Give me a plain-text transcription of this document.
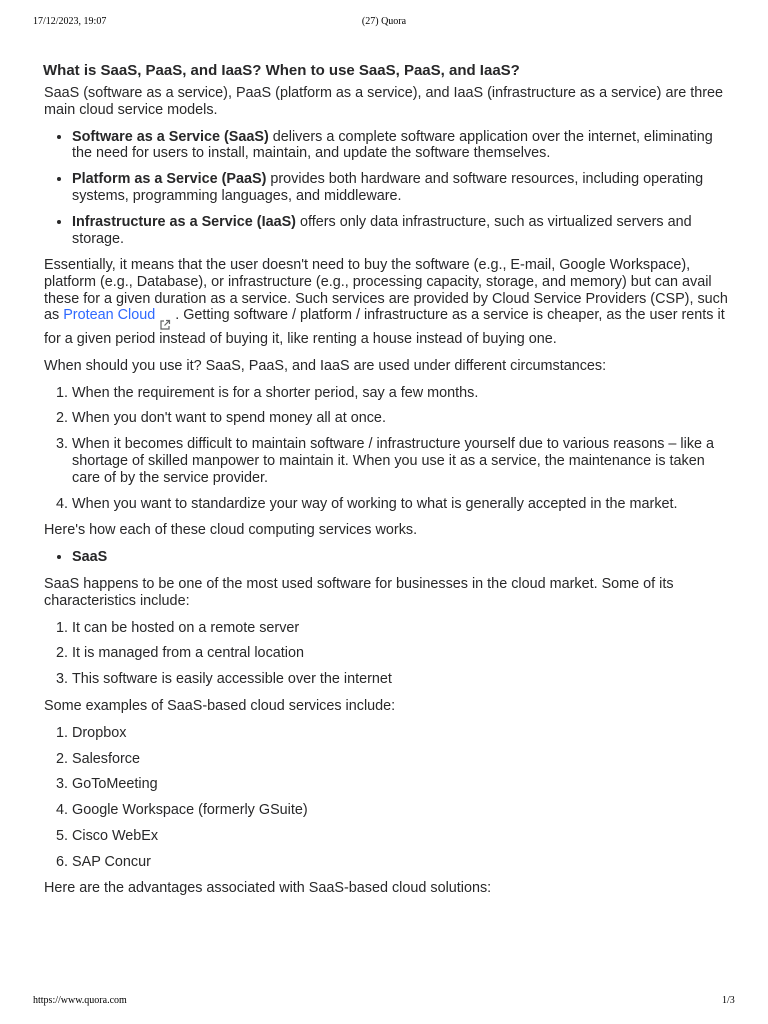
17/12/2023, 19:07	(27) Quora
What is SaaS, PaaS, and IaaS? When to use SaaS, PaaS, and IaaS?

SaaS (software as a service), PaaS (platform as a service), and IaaS (infrastructure as a service) are three main cloud service models.

• Software as a Service (SaaS) delivers a complete software application over the internet, eliminating the need for users to install, maintain, and update the software themselves.
• Platform as a Service (PaaS) provides both hardware and software resources, including operating systems, programming languages, and middleware.
• Infrastructure as a Service (IaaS) offers only data infrastructure, such as virtualized servers and storage.

Essentially, it means that the user doesn't need to buy the software (e.g., E-mail, Google Workspace), platform (e.g., Database), or infrastructure (e.g., processing capacity, storage, and memory) but can avail these for a given duration as a service. Such services are provided by Cloud Service Providers (CSP), such as Protean Cloud . Getting software / platform / infrastructure as a service is cheaper, as the user rents it for a given period instead of buying it, like renting a house instead of buying one.

When should you use it? SaaS, PaaS, and IaaS are used under different circumstances:

1. When the requirement is for a shorter period, say a few months.
2. When you don't want to spend money all at once.
3. When it becomes difficult to maintain software / infrastructure yourself due to various reasons – like a shortage of skilled manpower to maintain it. When you use it as a service, the maintenance is taken care of by the service provider.
4. When you want to standardize your way of working to what is generally accepted in the market.

Here's how each of these cloud computing services works.

• SaaS

SaaS happens to be one of the most used software for businesses in the cloud market. Some of its characteristics include:

1. It can be hosted on a remote server
2. It is managed from a central location
3. This software is easily accessible over the internet

Some examples of SaaS-based cloud services include:

1. Dropbox
2. Salesforce
3. GoToMeeting
4. Google Workspace (formerly GSuite)
5. Cisco WebEx
6. SAP Concur

Here are the advantages associated with SaaS-based cloud solutions:

https://www.quora.com	1/3
